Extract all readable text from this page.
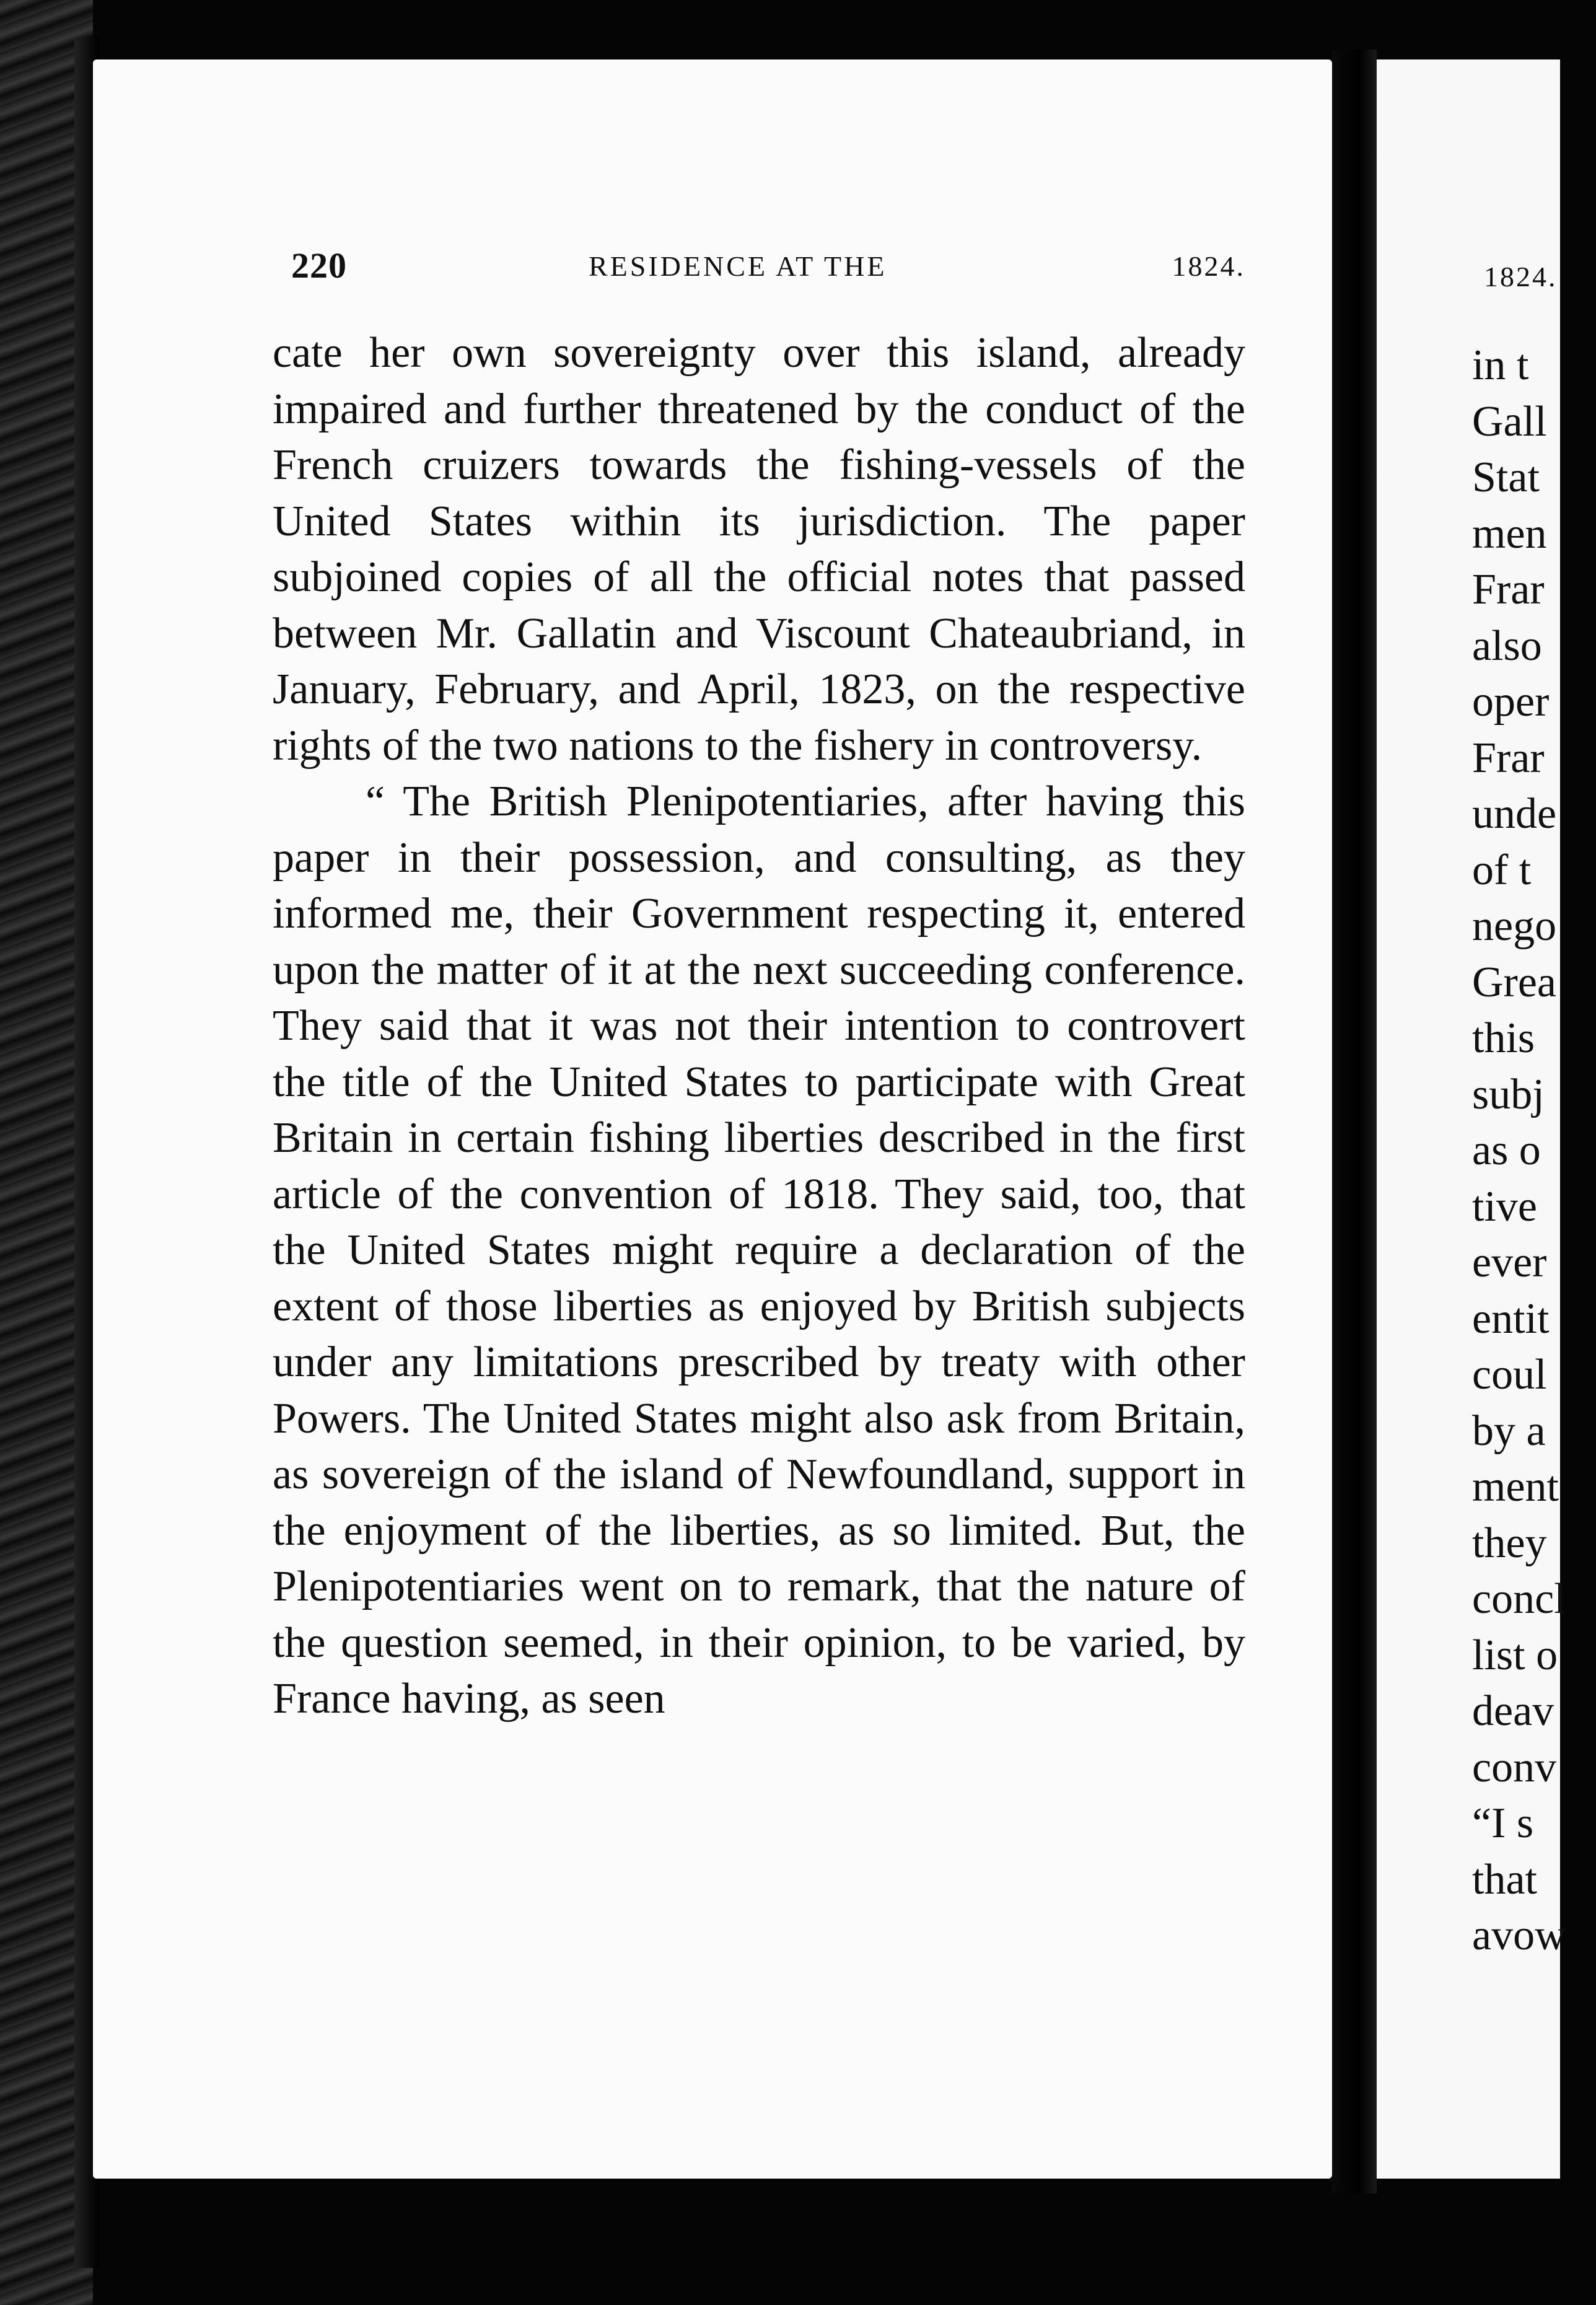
220	RESIDENCE AT THE	1824.

cate her own sovereignty over this island, already impaired and further threatened by the conduct of the French cruizers towards the fishing-vessels of the United States within its jurisdiction. The paper subjoined copies of all the official notes that passed between Mr. Gallatin and Viscount Chateaubriand, in January, February, and April, 1823, on the respective rights of the two nations to the fishery in controversy.

“ The British Plenipotentiaries, after having this paper in their possession, and consulting, as they informed me, their Government respecting it, entered upon the matter of it at the next succeeding conference. They said that it was not their intention to controvert the title of the United States to participate with Great Britain in certain fishing liberties described in the first article of the convention of 1818. They said, too, that the United States might require a declaration of the extent of those liberties as enjoyed by British subjects under any limitations prescribed by treaty with other Powers. The United States might also ask from Britain, as sovereign of the island of Newfoundland, support in the enjoyment of the liberties, as so limited. But, the Plenipotentiaries went on to remark, that the nature of the question seemed, in their opinion, to be varied, by France having, as seen

1824.
in t
Gall
Stat
men
Frar
also
oper
Frar
unde
of t
nego
Grea
this
subj
as o
tive
ever
entit
coul
by a
ment
they
concl
list o
deav
conv
“I s
that
avow
